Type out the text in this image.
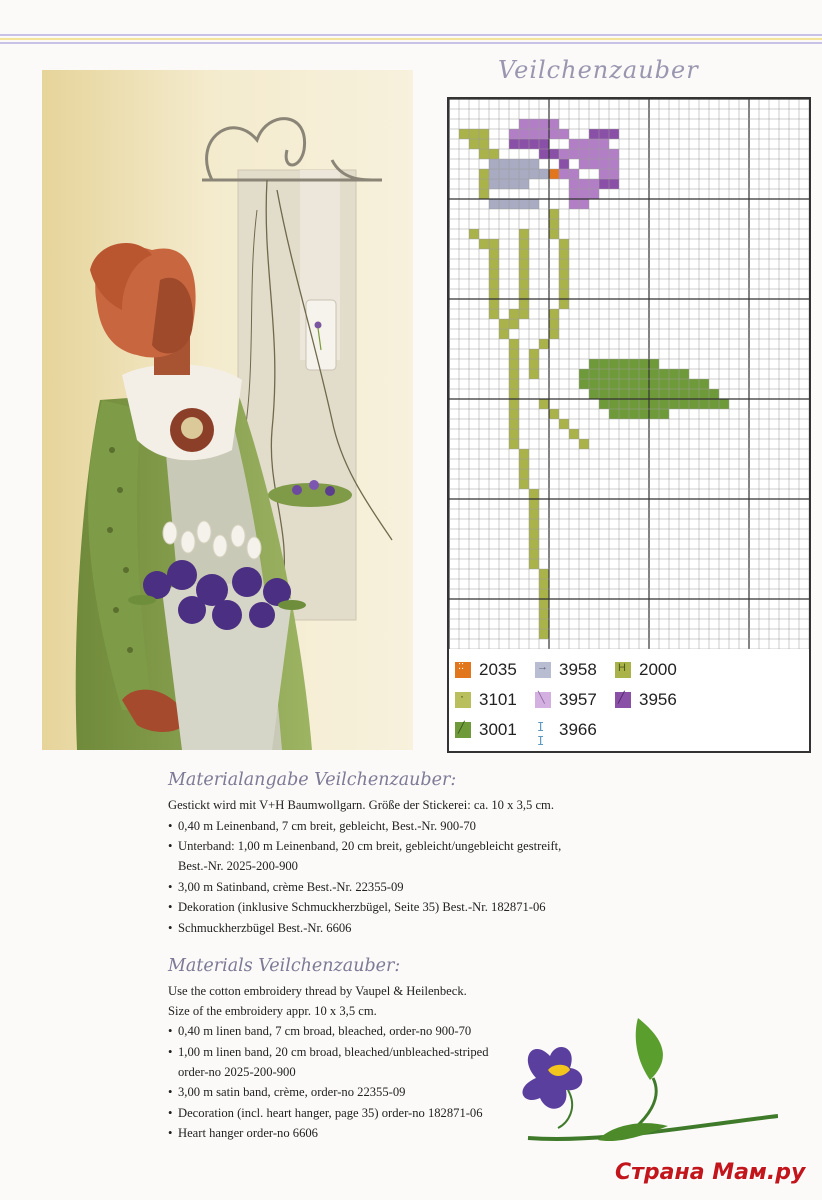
Veilchenzauber
:: 2035 → 3958 H 2000
· 3101 ╲ 3957 ╱ 3956
╱ 3001 I I
3966
Materialangabe Veilchenzauber:

Gestickt wird mit V+H Baumwollgarn. Größe der Stickerei: ca. 10 x 3,5 cm.

• 0,40 m Leinenband, 7 cm breit, gebleicht, Best.-Nr. 900-70
• Unterband: 1,00 m Leinenband, 20 cm breit, gebleicht/ungebleicht gestreift,
Best.-Nr. 2025-200-900
• 3,00 m Satinband, crème Best.-Nr. 22355-09
• Dekoration (inklusive Schmuckherzbügel, Seite 35) Best.-Nr. 182871-06
• Schmuckherzbügel Best.-Nr. 6606
Materials Veilchenzauber:

Use the cotton embroidery thread by Vaupel & Heilenbeck.
Size of the embroidery appr. 10 x 3,5 cm.

• 0,40 m linen band, 7 cm broad, bleached, order-no 900-70
• 1,00 m linen band, 20 cm broad, bleached/unbleached-striped
order-no 2025-200-900
• 3,00 m satin band, crème, order-no 22355-09
• Decoration (incl. heart hanger, page 35) order-no 182871-06
• Heart hanger order-no 6606
Страна Мам.ру
